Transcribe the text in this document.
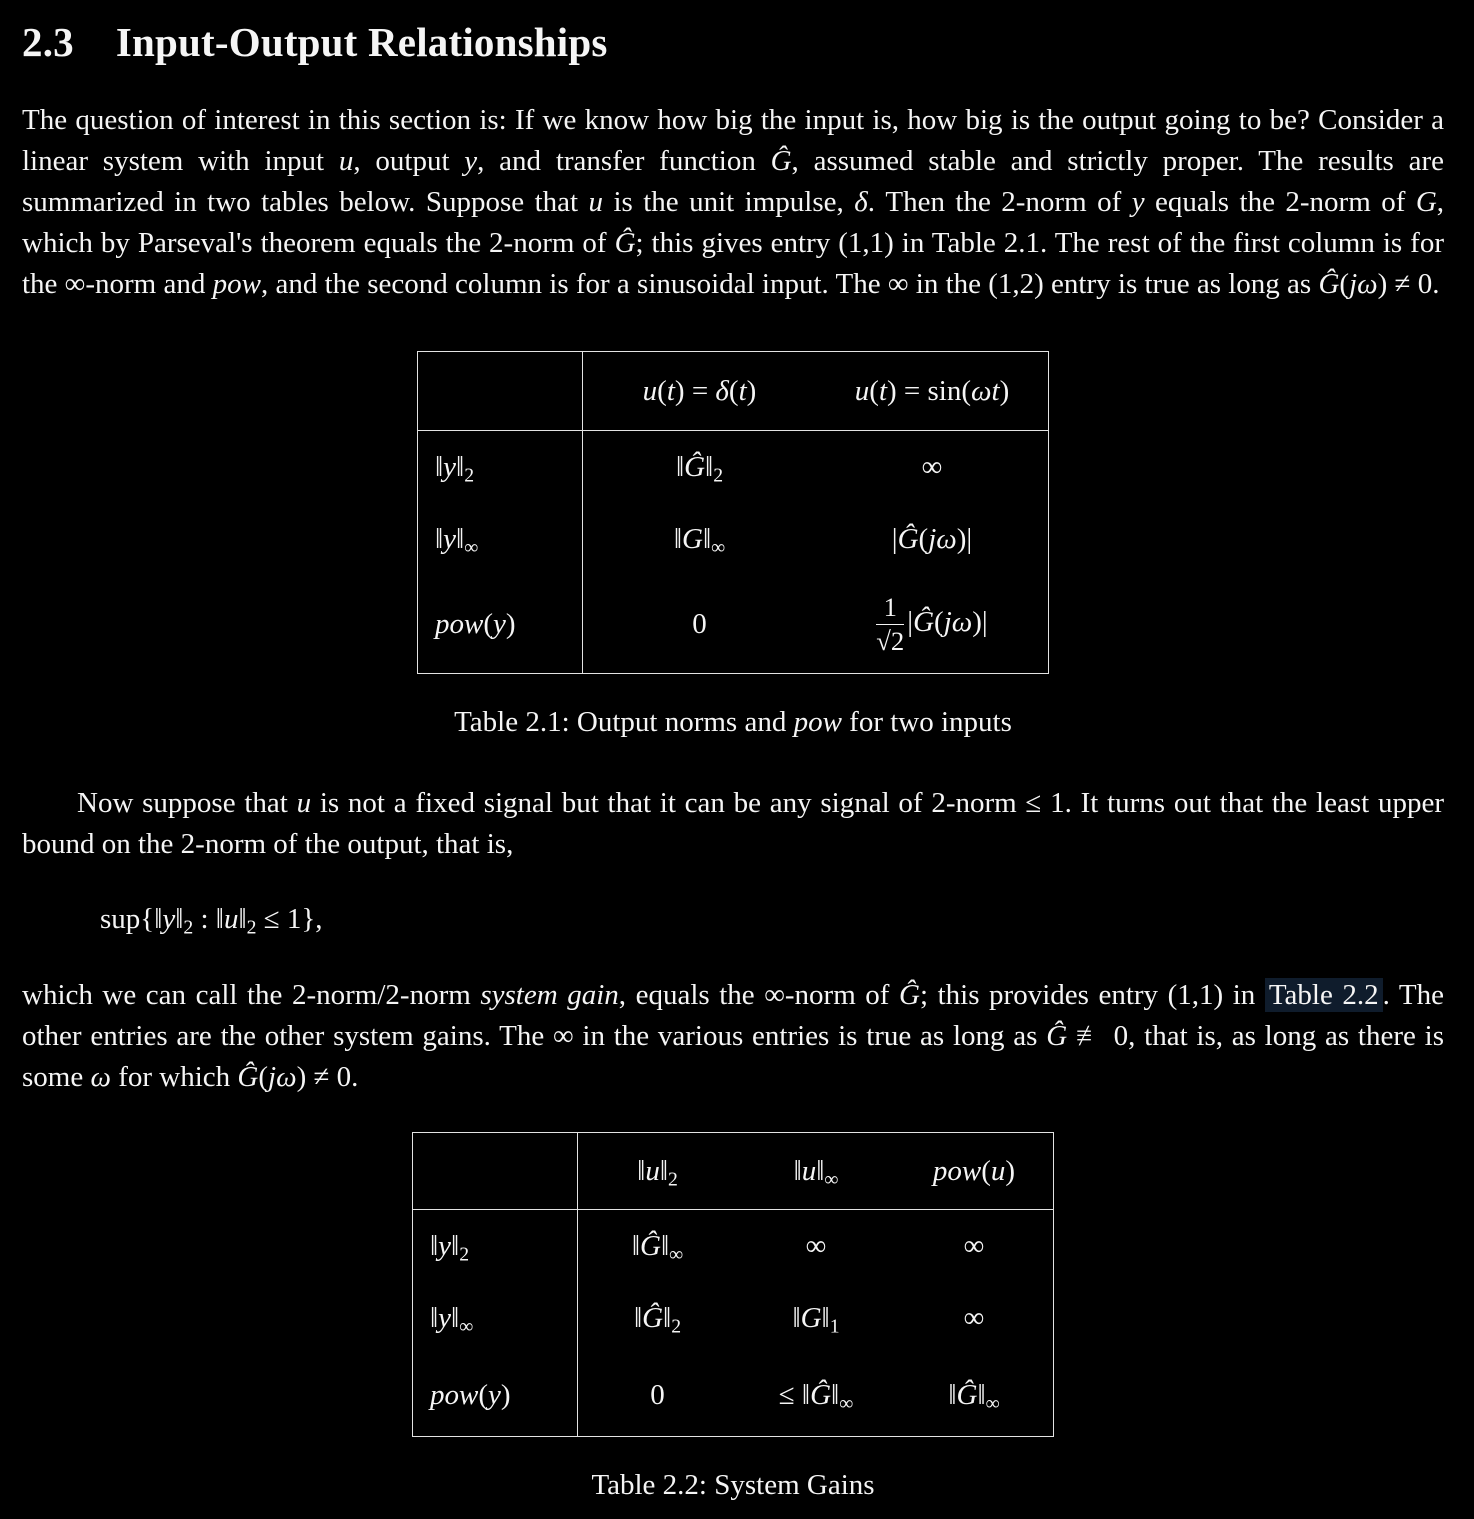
2.3 Input-Output Relationships

The question of interest in this section is: If we know how big the input is, how big is the output going to be? Consider a linear system with input u, output y, and transfer function Ĝ, assumed stable and strictly proper. The results are summarized in two tables below. Suppose that u is the unit impulse, δ. Then the 2-norm of y equals the 2-norm of G, which by Parseval's theorem equals the 2-norm of Ĝ; this gives entry (1,1) in Table 2.1. The rest of the first column is for the ∞-norm and pow, and the second column is for a sinusoidal input. The ∞ in the (1,2) entry is true as long as Ĝ(jω) ≠ 0.

	u(t) = δ(t)	u(t) = sin(ωt)
$‖y‖_2$	$‖Ĝ‖_2$	∞
$‖y‖_\infty$	$‖G‖_\infty$	|Ĝ(jω)|
pow(y)	0	$\frac{1}{√2}$ |Ĝ(jω)|
Table 2.1: Output norms and pow for two inputs

Now suppose that u is not a fixed signal but that it can be any signal of 2-norm ≤ 1. It turns out that the least upper bound on the 2-norm of the output, that is,

$sup\{‖y‖_2$ : $‖u‖_2 \le 1$},

which we can call the 2-norm/2-norm system gain, equals the ∞-norm of Ĝ; this provides entry (1,1) in Table 2.2 . The other entries are the other system gains. The ∞ in the various entries is true as long as Ĝ ≢ 0, that is, as long as there is some ω for which Ĝ(jω) ≠ 0.

	$‖u‖_2$	$‖u‖_\infty$	pow(u)
$‖y‖_2$	$‖Ĝ‖_\infty$	∞	∞
$‖y‖_\infty$	$‖Ĝ‖_2$	$‖G‖_1$	∞
pow(y)	0	≤ $‖Ĝ‖_\infty$	$‖Ĝ‖_\infty$
Table 2.2: System Gains
